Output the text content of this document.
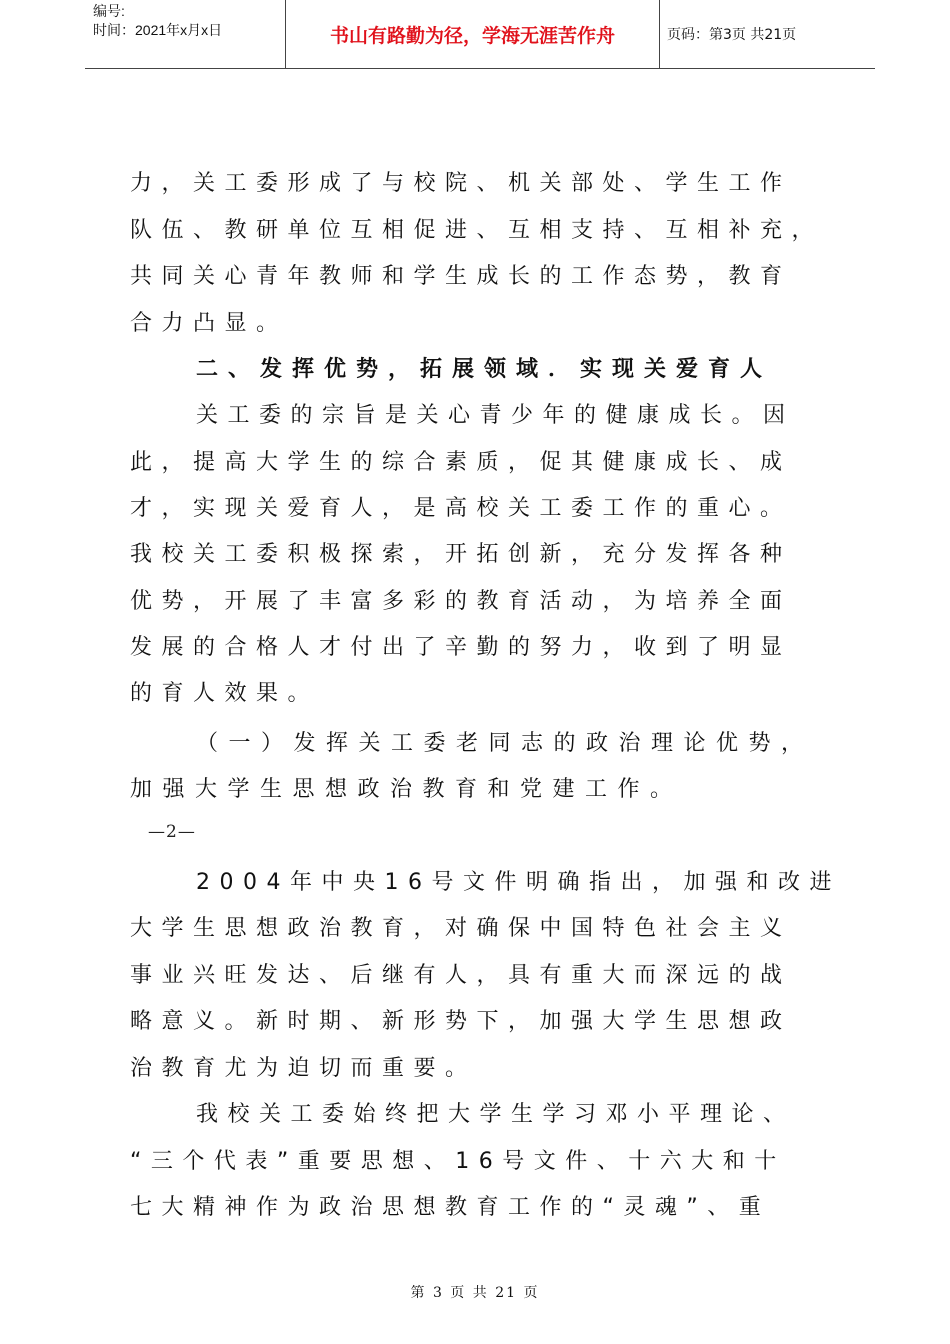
编号:
时间：2021年x月x日	书山有路勤为径，学海无涯苦作舟	页码：第3页 共21页
力，关工委形成了与校院、机关部处、学生工作
队伍、教研单位互相促进、互相支持、互相补充，
共同关心青年教师和学生成长的工作态势，教育
合力凸显。
二、发挥优势，拓展领域．实现关爱育人
关工委的宗旨是关心青少年的健康成长。因
此，提高大学生的综合素质，促其健康成长、成
才，实现关爱育人，是高校关工委工作的重心。
我校关工委积极探索，开拓创新，充分发挥各种
优势，开展了丰富多彩的教育活动，为培养全面
发展的合格人才付出了辛勤的努力，收到了明显
的育人效果。
（一）发挥关工委老同志的政治理论优势，
加强大学生思想政治教育和党建工作。
—2—
2004年中央16号文件明确指出，加强和改进
大学生思想政治教育，对确保中国特色社会主义
事业兴旺发达、后继有人，具有重大而深远的战
略意义。新时期、新形势下，加强大学生思想政
治教育尤为迫切而重要。
我校关工委始终把大学生学习邓小平理论、
“三个代表”重要思想、16号文件、十六大和十
七大精神作为政治思想教育工作的“灵魂”、重
第 3 页 共 21 页
